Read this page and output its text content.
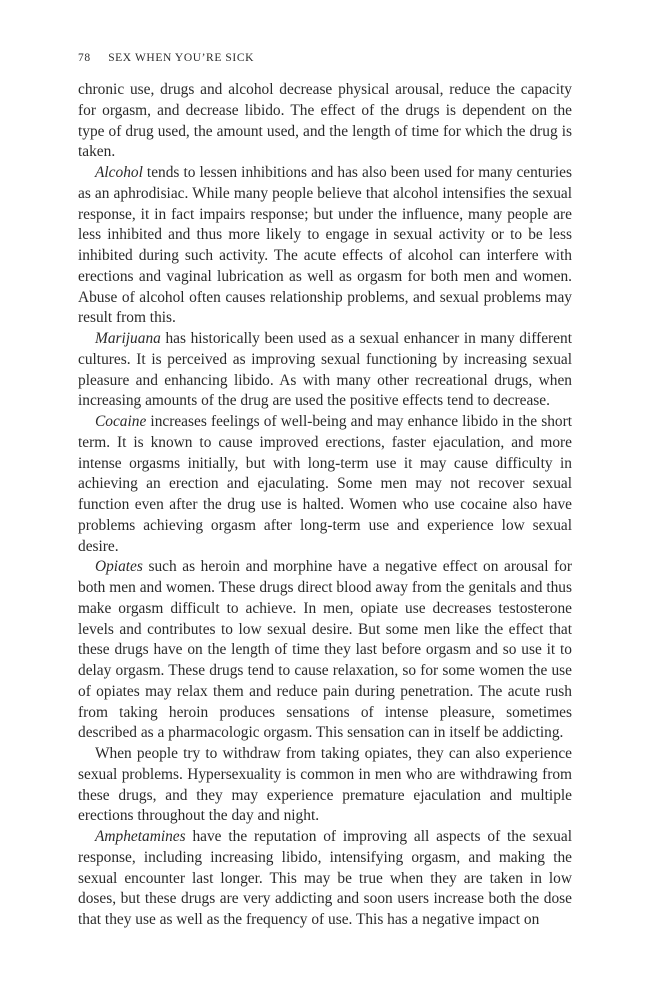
78 SEX WHEN YOU’RE SICK

chronic use, drugs and alcohol decrease physical arousal, reduce the capacity for orgasm, and decrease libido. The effect of the drugs is dependent on the type of drug used, the amount used, and the length of time for which the drug is taken.

Alcohol tends to lessen inhibitions and has also been used for many centuries as an aphrodisiac. While many people believe that alcohol intensifies the sexual response, it in fact impairs response; but under the influence, many people are less inhibited and thus more likely to engage in sexual activity or to be less inhibited during such activity. The acute effects of alcohol can interfere with erections and vaginal lubrication as well as orgasm for both men and women. Abuse of alcohol often causes relationship problems, and sexual problems may result from this.

Marijuana has historically been used as a sexual enhancer in many different cultures. It is perceived as improving sexual functioning by increasing sexual pleasure and enhancing libido. As with many other recreational drugs, when increasing amounts of the drug are used the positive effects tend to decrease.

Cocaine increases feelings of well-being and may enhance libido in the short term. It is known to cause improved erections, faster ejaculation, and more intense orgasms initially, but with long-term use it may cause difficulty in achieving an erection and ejaculating. Some men may not recover sexual function even after the drug use is halted. Women who use cocaine also have problems achieving orgasm after long-term use and experience low sexual desire.

Opiates such as heroin and morphine have a negative effect on arousal for both men and women. These drugs direct blood away from the genitals and thus make orgasm difficult to achieve. In men, opiate use decreases testosterone levels and contributes to low sexual desire. But some men like the effect that these drugs have on the length of time they last before orgasm and so use it to delay orgasm. These drugs tend to cause relaxation, so for some women the use of opiates may relax them and reduce pain during penetration. The acute rush from taking heroin produces sensations of intense pleasure, sometimes described as a pharmacologic orgasm. This sensation can in itself be addicting.

When people try to withdraw from taking opiates, they can also experience sexual problems. Hypersexuality is common in men who are withdrawing from these drugs, and they may experience premature ejaculation and multiple erections throughout the day and night.

Amphetamines have the reputation of improving all aspects of the sexual response, including increasing libido, intensifying orgasm, and making the sexual encounter last longer. This may be true when they are taken in low doses, but these drugs are very addicting and soon users increase both the dose that they use as well as the frequency of use. This has a negative impact on
